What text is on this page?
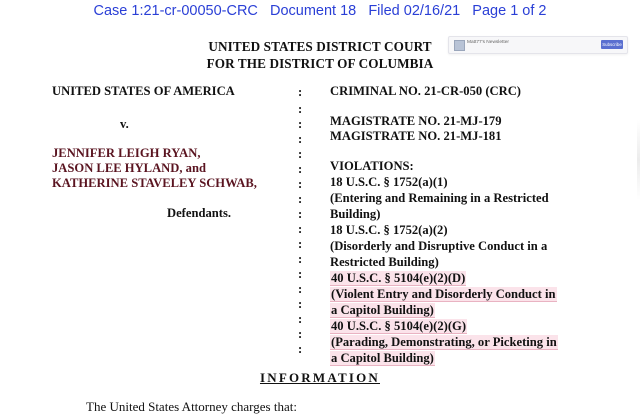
Case 1:21-cr-00050-CRC   Document 18   Filed 02/16/21   Page 1 of 2
UNITED STATES DISTRICT COURT
FOR THE DISTRICT OF COLUMBIA
Matt77's Newsletter	Subscribe
UNITED STATES OF AMERICA
v.
JENNIFER LEIGH RYAN,
JASON LEE HYLAND, and
KATHERINE STAVELEY SCHWAB,
Defendants.
:
:
:
:
:
:
:
:
:
:
:
:
:
:
:
:
:
:
CRIMINAL NO. 21-CR-050 (CRC)
MAGISTRATE NO. 21-MJ-179
MAGISTRATE NO. 21-MJ-181
VIOLATIONS:
18 U.S.C. § 1752(a)(1)
(Entering and Remaining in a Restricted
Building)
18 U.S.C. § 1752(a)(2)
(Disorderly and Disruptive Conduct in a
Restricted Building)
40 U.S.C. § 5104(e)(2)(D)
(Violent Entry and Disorderly Conduct in
a Capitol Building)
40 U.S.C. § 5104(e)(2)(G)
(Parading, Demonstrating, or Picketing in
a Capitol Building)
INFORMATION
The United States Attorney charges that:
